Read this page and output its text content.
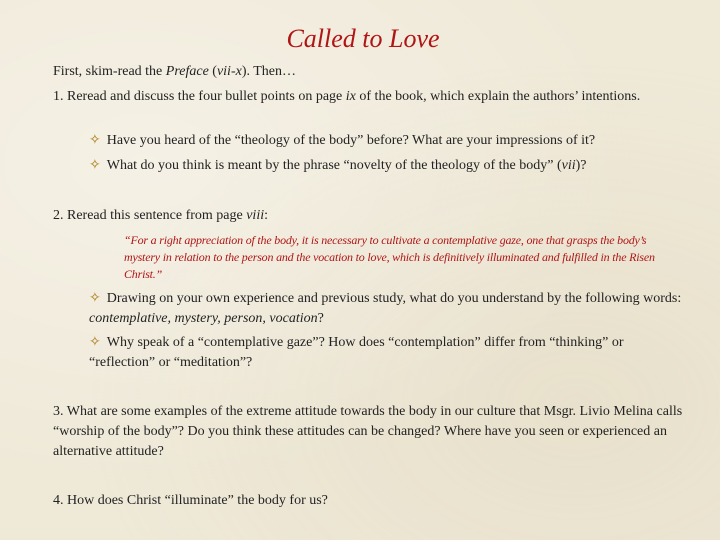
Called to Love
First, skim-read the Preface (vii-x). Then…
1. Reread and discuss the four bullet points on page ix of the book, which explain the authors’ intentions.
✧ Have you heard of the “theology of the body” before? What are your impressions of it?
✧ What do you think is meant by the phrase “novelty of the theology of the body” (vii)?
2. Reread this sentence from page viii:
“For a right appreciation of the body, it is necessary to cultivate a contemplative gaze, one that grasps the body’s mystery in relation to the person and the vocation to love, which is definitively illuminated and fulfilled in the Risen Christ.”
✧ Drawing on your own experience and previous study, what do you understand by the following words: contemplative, mystery, person, vocation?
✧ Why speak of a “contemplative gaze”? How does “contemplation” differ from “thinking” or “reflection” or “meditation”?
3. What are some examples of the extreme attitude towards the body in our culture that Msgr. Livio Melina calls “worship of the body”? Do you think these attitudes can be changed? Where have you seen or experienced an alternative attitude?
4. How does Christ “illuminate” the body for us?
